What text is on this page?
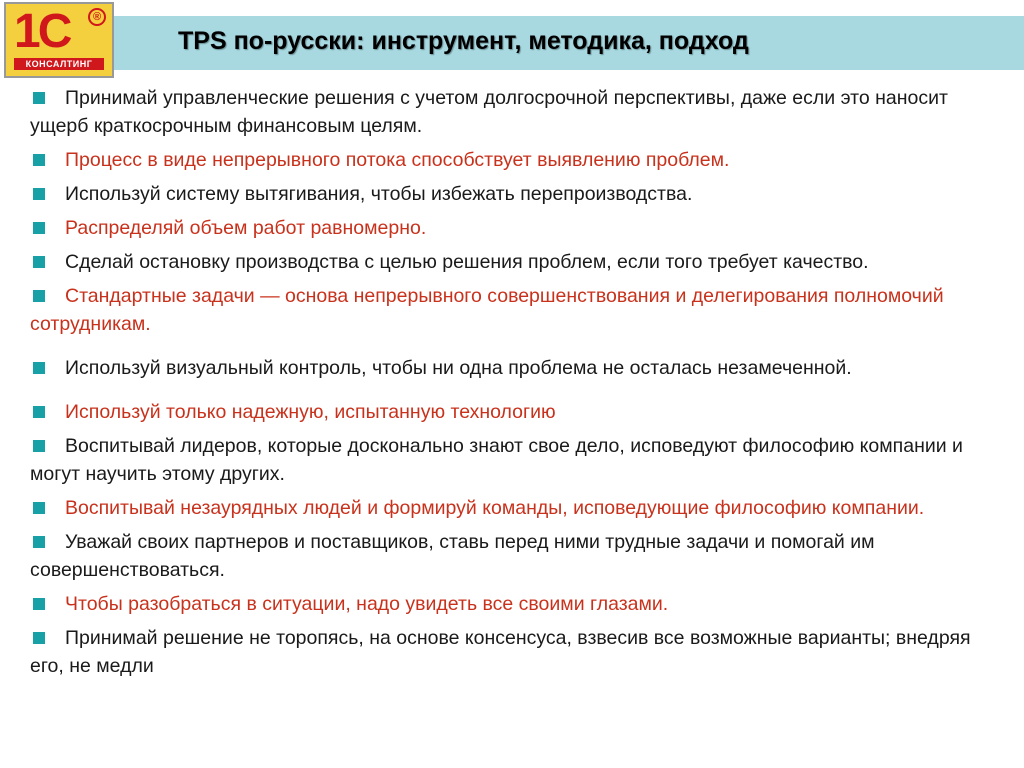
1С	®
КОНСАЛТИНГ
TPS по-русски: инструмент, методика, подход
Принимай управленческие решения с учетом долгосрочной перспективы, даже если это наносит ущерб краткосрочным финансовым целям.
Процесс в виде непрерывного потока способствует выявлению проблем.
Используй систему вытягивания, чтобы избежать перепроизводства.
Распределяй объем работ равномерно.
Сделай остановку производства с целью решения проблем, если того требует качество.
Стандартные задачи — основа непрерывного совершенствования и делегирования полномочий сотрудникам.
Используй визуальный контроль, чтобы ни одна проблема не осталась незамеченной.
Используй только надежную, испытанную технологию
Воспитывай лидеров, которые досконально знают свое дело, исповедуют философию компании и могут научить этому других.
Воспитывай незаурядных людей и формируй команды, исповедующие философию компании.
Уважай своих партнеров и поставщиков, ставь перед ними трудные задачи и помогай им совершенствоваться.
Чтобы разобраться в ситуации, надо увидеть все своими глазами.
Принимай решение не торопясь, на основе консенсуса, взвесив все возможные варианты; внедряя его, не медли
